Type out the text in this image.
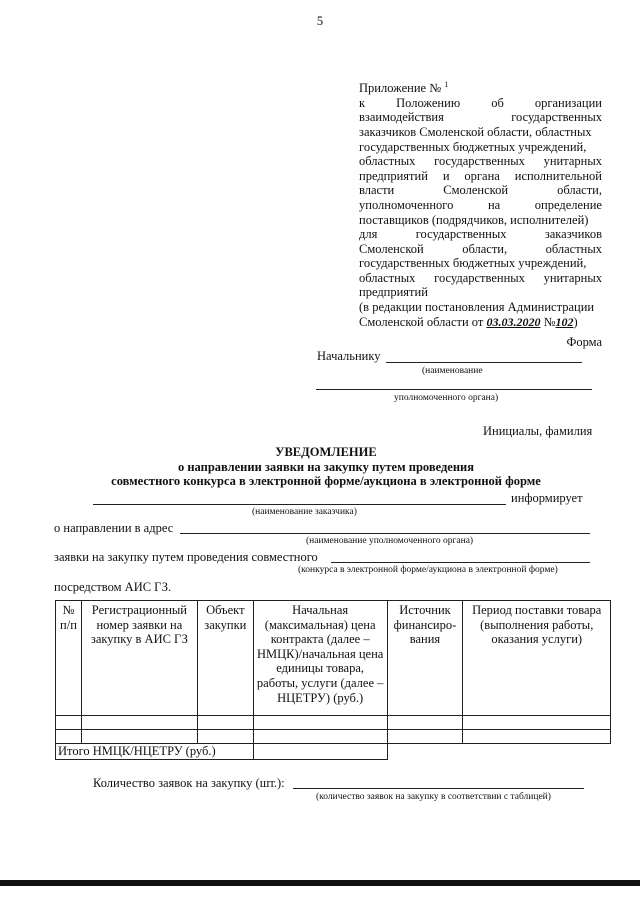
5
Приложение № $^1$
к Положению об организации
взаимодействия	государственных
заказчиков Смоленской области, областных
государственных бюджетных учреждений,
областных государственных унитарных
предприятий и органа исполнительной
власти	Смоленской	области,
уполномоченного	на	определение
поставщиков (подрядчиков, исполнителей)
для	государственных	заказчиков
Смоленской	области,	областных
государственных бюджетных учреждений,
областных государственных унитарных
предприятий
(в редакции постановления Администрации
Смоленской области от 03.03.2020 №102)
Форма
Начальнику
(наименование
уполномоченного органа)
Инициалы, фамилия
УВЕДОМЛЕНИЕ
о направлении заявки на закупку путем проведения
совместного конкурса в электронной форме/аукциона в электронной форме
информирует
(наименование заказчика)
о направлении в адрес
(наименование уполномоченного органа)
заявки на закупку путем проведения совместного
(конкурса в электронной форме/аукциона в электронной форме)
посредством АИС ГЗ.
№ п/п	Регистрационный номер заявки на закупку в АИС ГЗ	Объект закупки	Начальная (максимальная) цена контракта (далее – НМЦК)/начальная цена единицы товара, работы, услуги (далее – НЦЕТРУ) (руб.)	Источник финансиро-вания	Период поставки товара (выполнения работы, оказания услуги)

Итого НМЦК/НЦЕТРУ (руб.)					
Количество заявок на закупку (шт.):
(количество заявок на закупку в соответствии с таблицей)
